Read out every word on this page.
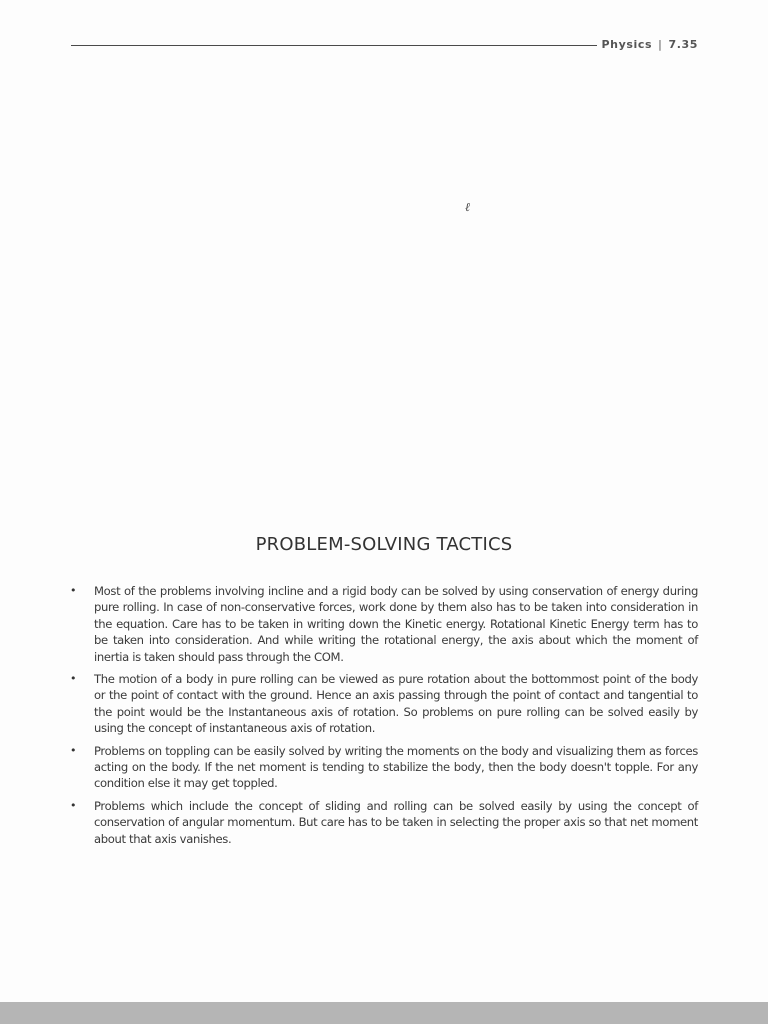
Physics | 7.35
ℓ
PROBLEM-SOLVING TACTICS
• Most of the problems involving incline and a rigid body can be solved by using conservation of energy during pure rolling. In case of non-conservative forces, work done by them also has to be taken into consideration in the equation. Care has to be taken in writing down the Kinetic energy. Rotational Kinetic Energy term has to be taken into consideration. And while writing the rotational energy, the axis about which the moment of inertia is taken should pass through the COM.
• The motion of a body in pure rolling can be viewed as pure rotation about the bottommost point of the body or the point of contact with the ground. Hence an axis passing through the point of contact and tangential to the point would be the Instantaneous axis of rotation. So problems on pure rolling can be solved easily by using the concept of instantaneous axis of rotation.
• Problems on toppling can be easily solved by writing the moments on the body and visualizing them as forces acting on the body. If the net moment is tending to stabilize the body, then the body doesn't topple. For any condition else it may get toppled.
• Problems which include the concept of sliding and rolling can be solved easily by using the concept of conservation of angular momentum. But care has to be taken in selecting the proper axis so that net moment about that axis vanishes.
